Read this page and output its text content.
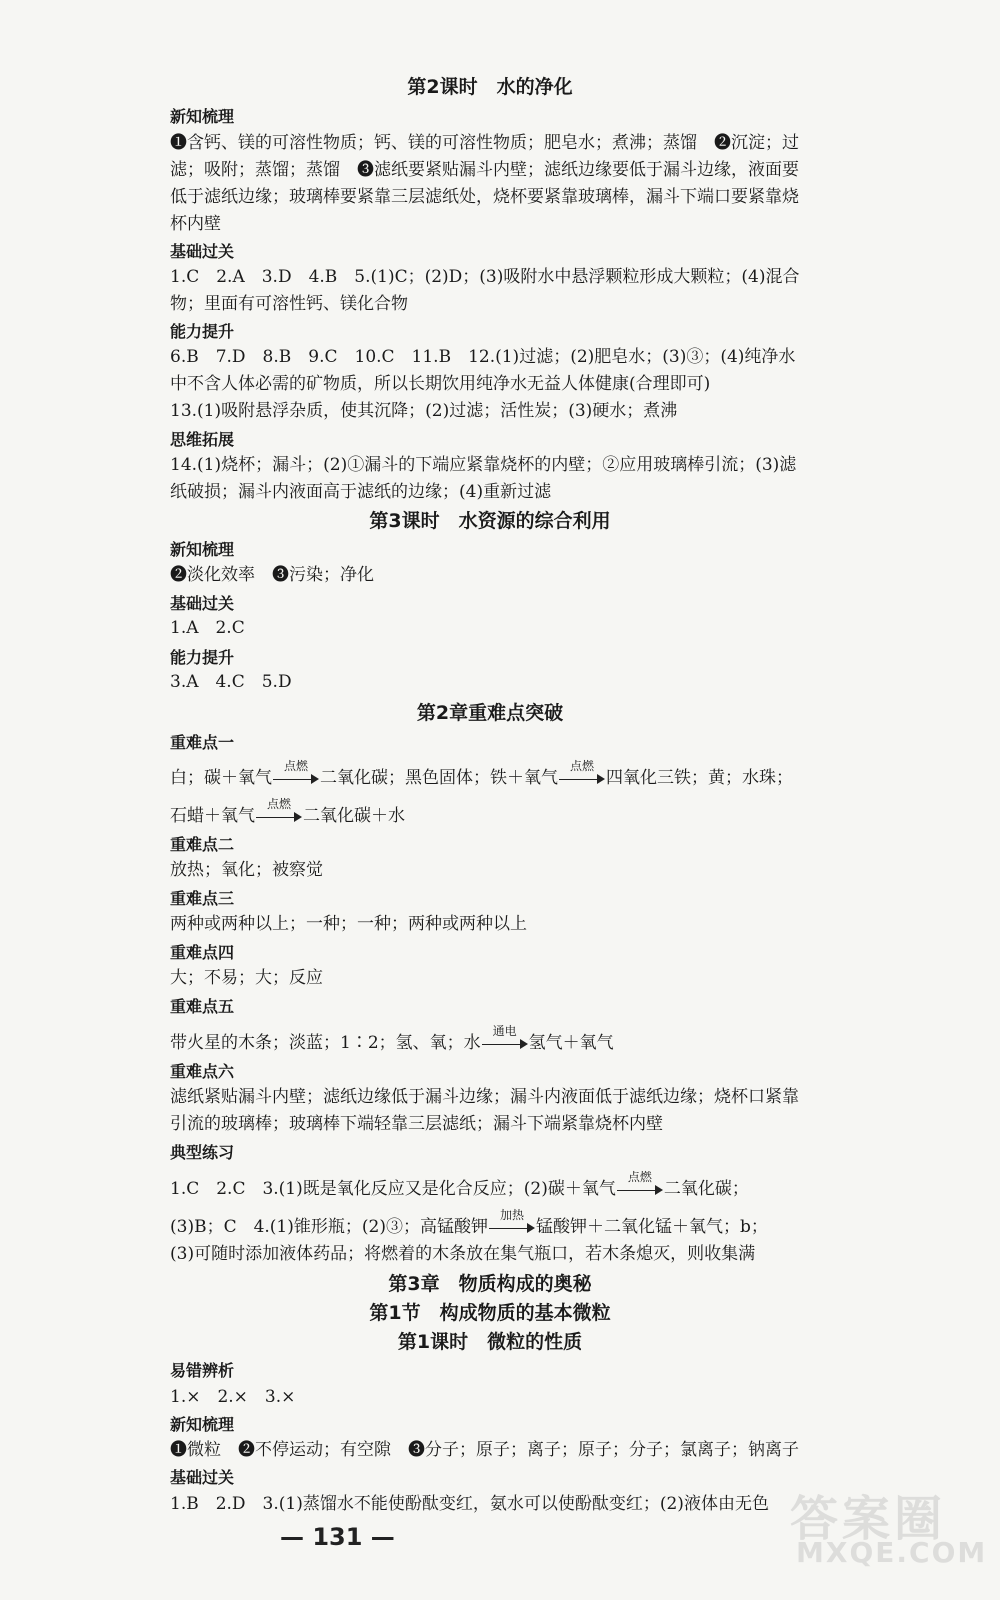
第2课时　水的净化
新知梳理
❶含钙、镁的可溶性物质；钙、镁的可溶性物质；肥皂水；煮沸；蒸馏　❷沉淀；过滤；吸附；蒸馏；蒸馏　❸滤纸要紧贴漏斗内壁；滤纸边缘要低于漏斗边缘，液面要低于滤纸边缘；玻璃棒要紧靠三层滤纸处，烧杯要紧靠玻璃棒，漏斗下端口要紧靠烧杯内壁
基础过关
1.C　2.A　3.D　4.B　5.(1)C；(2)D；(3)吸附水中悬浮颗粒形成大颗粒；(4)混合物；里面有可溶性钙、镁化合物
能力提升
6.B　7.D　8.B　9.C　10.C　11.B　12.(1)过滤；(2)肥皂水；(3)③；(4)纯净水中不含人体必需的矿物质，所以长期饮用纯净水无益人体健康(合理即可)
13.(1)吸附悬浮杂质，使其沉降；(2)过滤；活性炭；(3)硬水；煮沸
思维拓展
14.(1)烧杯；漏斗；(2)①漏斗的下端应紧靠烧杯的内壁；②应用玻璃棒引流；(3)滤纸破损；漏斗内液面高于滤纸的边缘；(4)重新过滤
第3课时　水资源的综合利用
新知梳理
❷淡化效率　❸污染；净化
基础过关
1.A　2.C
能力提升
3.A　4.C　5.D
第2章重难点突破
重难点一
白；碳＋氧气
点燃
二氧化碳；黑色固体；铁＋氧气
点燃
四氧化三铁；黄；水珠；
石蜡＋氧气
点燃
二氧化碳＋水
重难点二
放热；氧化；被察觉
重难点三
两种或两种以上；一种；一种；两种或两种以上
重难点四
大；不易；大；反应
重难点五
带火星的木条；淡蓝；1∶2；氢、氧；水
通电
氢气＋氧气
重难点六
滤纸紧贴漏斗内壁；滤纸边缘低于漏斗边缘；漏斗内液面低于滤纸边缘；烧杯口紧靠引流的玻璃棒；玻璃棒下端轻靠三层滤纸；漏斗下端紧靠烧杯内壁
典型练习
1.C　2.C　3.(1)既是氧化反应又是化合反应；(2)碳＋氧气
点燃
二氧化碳；
(3)B；C　4.(1)锥形瓶；(2)③；高锰酸钾
加热
锰酸钾＋二氧化锰＋氧气；b；
(3)可随时添加液体药品；将燃着的木条放在集气瓶口，若木条熄灭，则收集满
第3章　物质构成的奥秘
第1节　构成物质的基本微粒
第1课时　微粒的性质
易错辨析
1.×　2.×　3.×
新知梳理
❶微粒　❷不停运动；有空隙　❸分子；原子；离子；原子；分子；氯离子；钠离子
基础过关
1.B　2.D　3.(1)蒸馏水不能使酚酞变红，氨水可以使酚酞变红；(2)液体由无色
— 131 —	答案圈
MXQE.COM
